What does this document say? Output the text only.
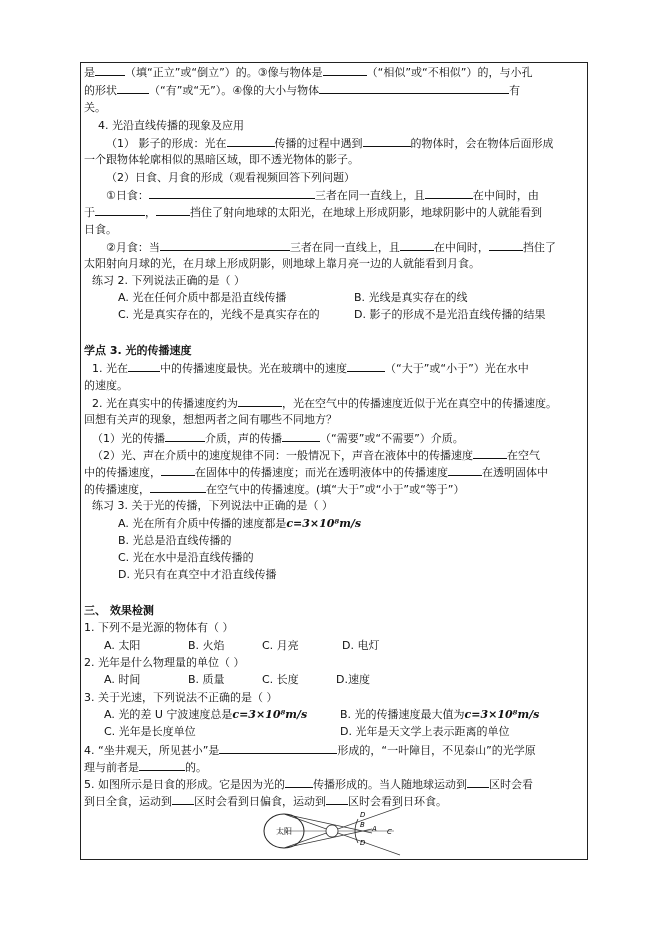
是	（填“正立”或“倒立”）的。③像与物体是	（“相似”或“不相似”）的，与小孔
的形状	（“有”或“无”）。④像的大小与物体	有
关。
4. 光沿直线传播的现象及应用
（1） 影子的形成：光在	传播的过程中遇到	的物体时，会在物体后面形成
一个跟物体轮廓相似的黑暗区域，即不透光物体的影子。
（2）日食、月食的形成（观看视频回答下列问题）
①日食：	三者在同一直线上，且	在中间时，由
于	，	挡住了射向地球的太阳光，在地球上形成阴影，地球阴影中的人就能看到
日食。
②月食：当	三者在同一直线上，且	在中间时，	挡住了
太阳射向月球的光，在月球上形成阴影，则地球上靠月亮一边的人就能看到月食。
练习 2. 下列说法正确的是（ ）
A. 光在任何介质中都是沿直线传播	B. 光线是真实存在的线
C. 光是真实存在的，光线不是真实存在的	D. 影子的形成不是光沿直线传播的结果
学点 3. 光的传播速度
1. 光在	中的传播速度最快。光在玻璃中的速度	（“大于”或“小于”）光在水中
的速度。
2. 光在真实中的传播速度约为	，光在空气中的传播速度近似于光在真空中的传播速度。
回想有关声的现象，想想两者之间有哪些不同地方？
（1）光的传播	介质，声的传播	（“需要”或“不需要”）介质。
（2）光、声在介质中的速度规律不同：一般情况下，声音在液体中的传播速度	在空气
中的传播速度，	在固体中的传播速度；而光在透明液体中的传播速度	在透明固体中
的传播速度，	在空气中的传播速度。(填“大于”或“小于”或“等于”）
练习 3. 关于光的传播，下列说法中正确的是（ ）
A. 光在所有介质中传播的速度都是c=3×10⁸m/s
B. 光总是沿直线传播的
C. 光在水中是沿直线传播的
D. 光只有在真空中才沿直线传播
三、 效果检测
1. 下列不是光源的物体有（ ）
A. 太阳	B. 火焰	C. 月亮	D. 电灯
2. 光年是什么物理量的单位（ ）
A. 时间	B. 质量	C. 长度	D.速度
3. 关于光速，下列说法不正确的是（ ）
A. 光的差 U 宁波速度总是c=3×10⁸m/s	B. 光的传播速度最大值为c=3×10⁸m/s
C. 光年是长度单位	D. 光年是天文学上表示距离的单位
4. “坐井观天，所见甚小”是	形成的，“一叶障目，不见泰山”的光学原
理与前者是	的。
5. 如图所示是日食的形成。它是因为光的	传播形成的。当人随地球运动到 区时会看
到日全食，运动到 区时会看到日偏食，运动到 区时会看到日环食。
太阳
D
B A C
D
